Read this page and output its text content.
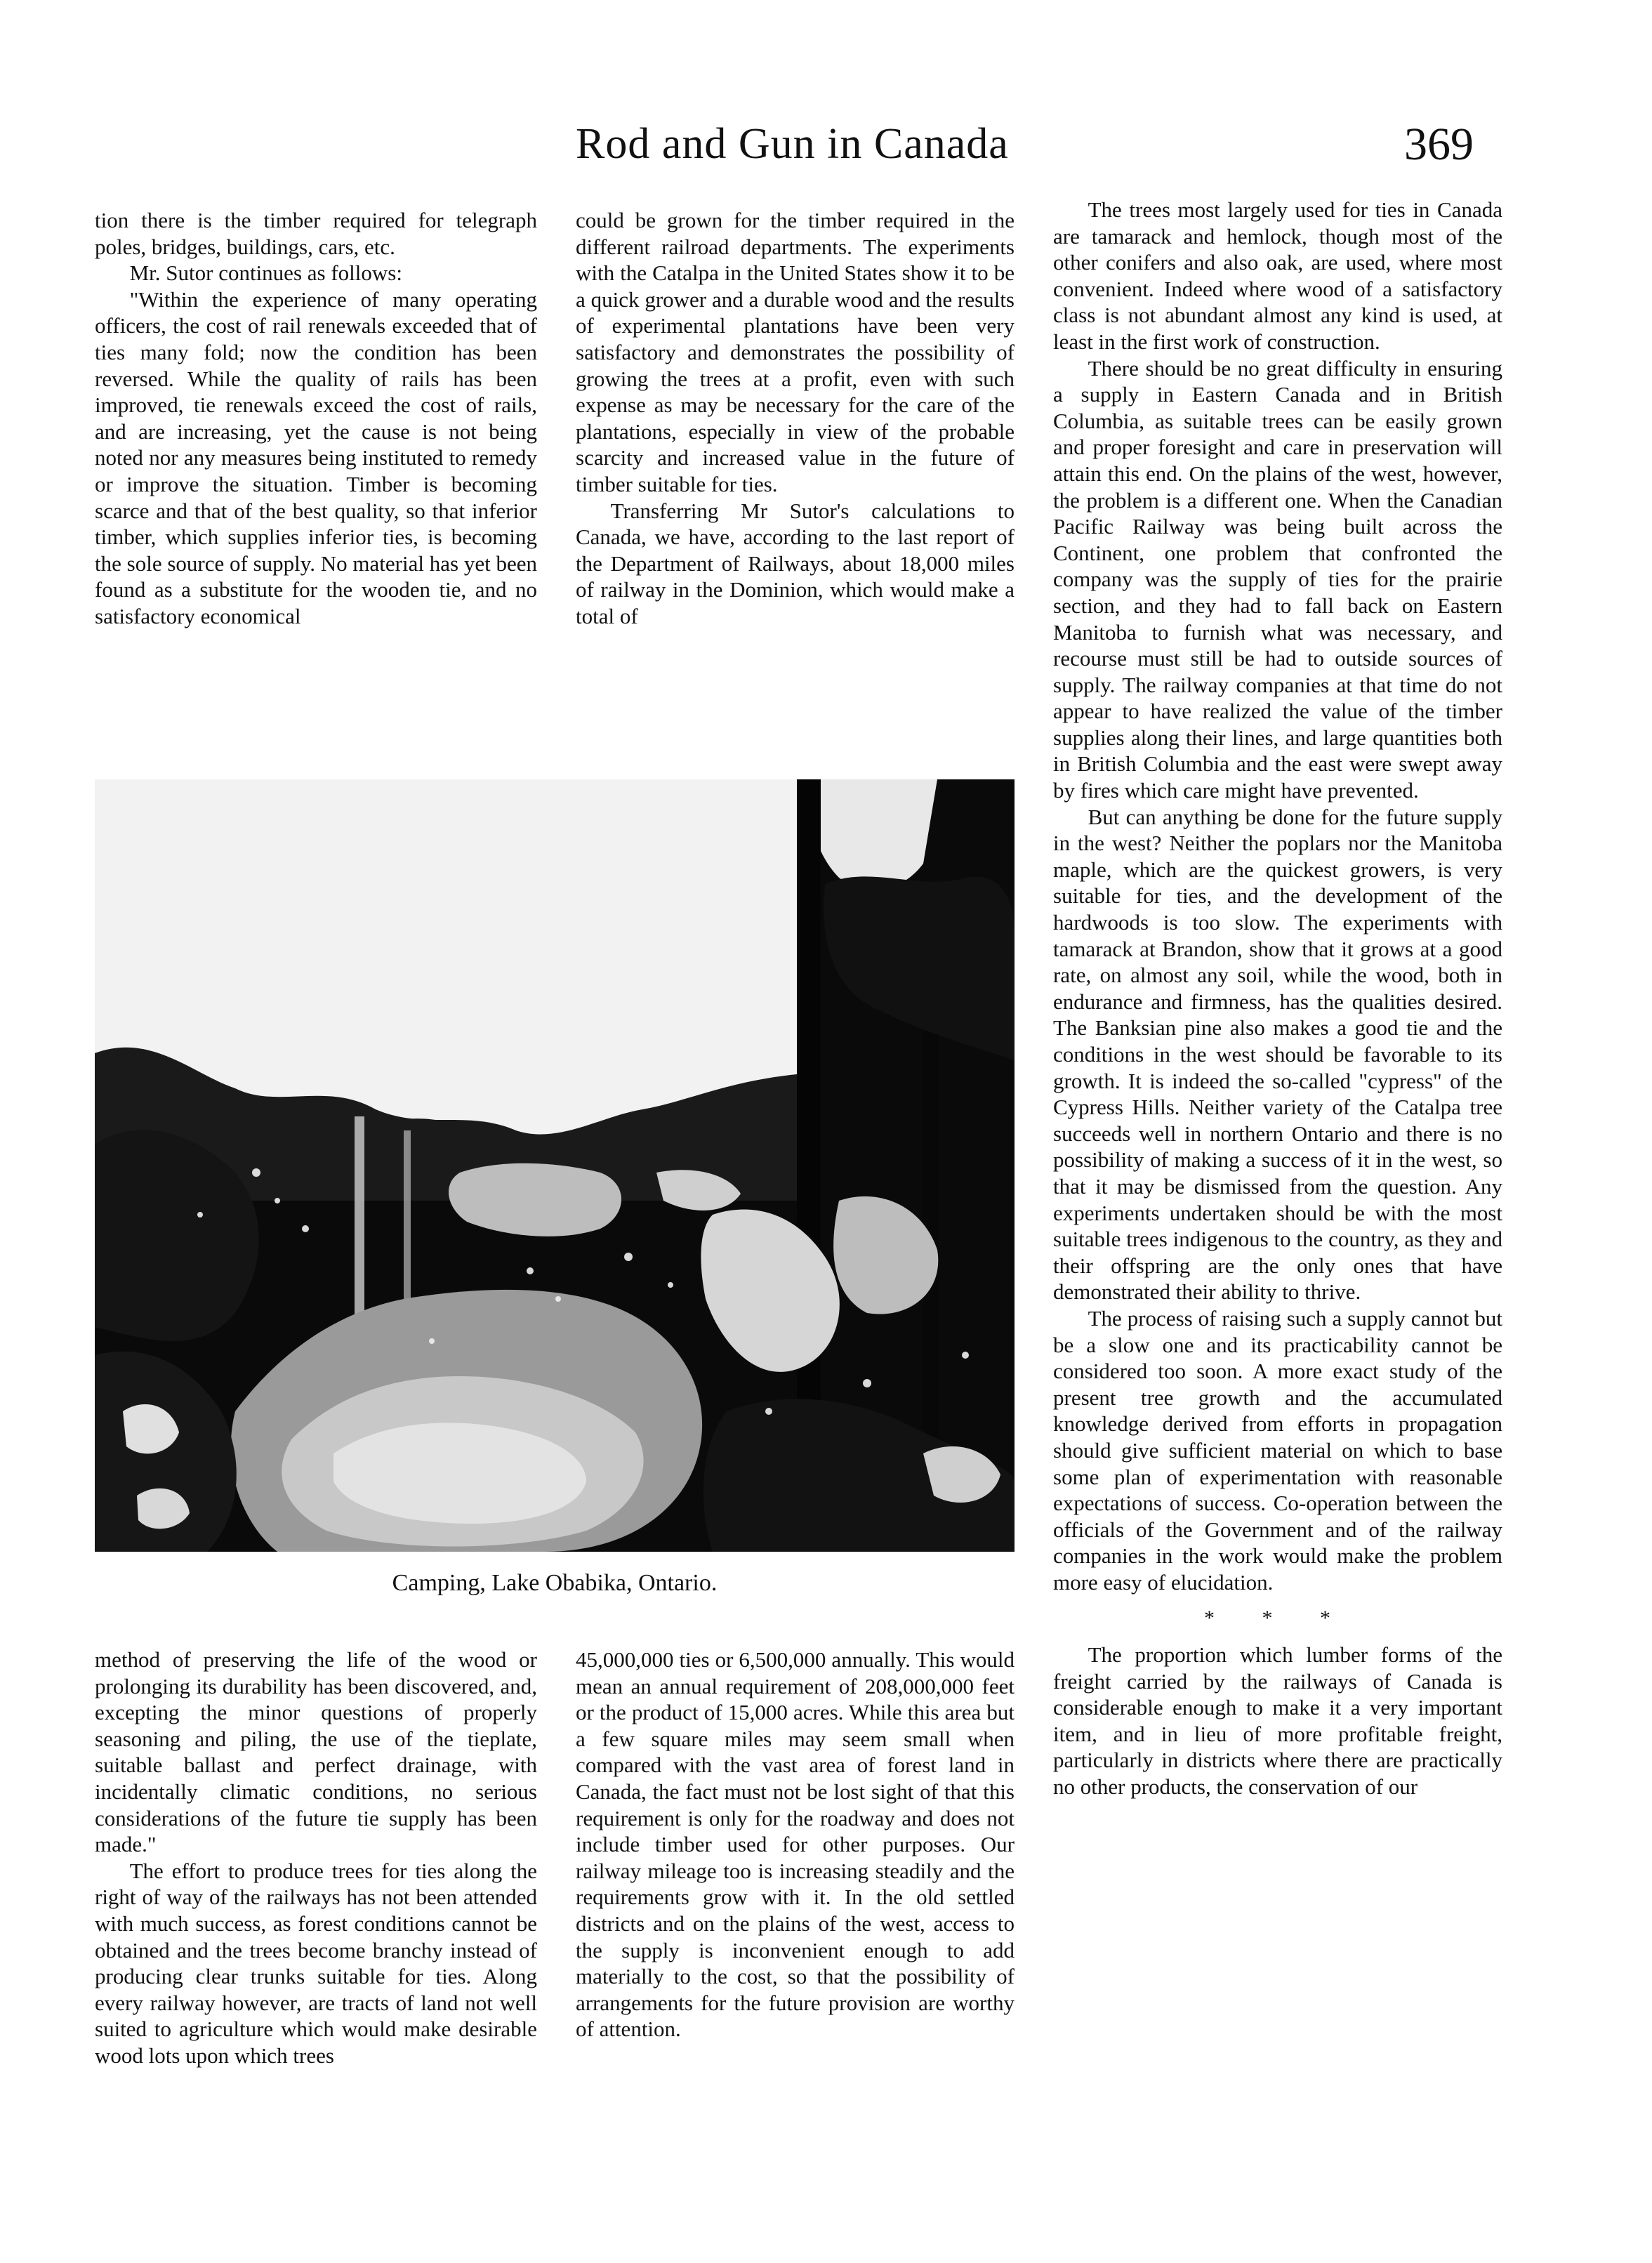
Rod and Gun in Canada	369

tion there is the timber required for telegraph poles, bridges, buildings, cars, etc.

Mr. Sutor continues as follows:

"Within the experience of many operating officers, the cost of rail renewals exceeded that of ties many fold; now the condition has been reversed. While the quality of rails has been improved, tie renewals exceed the cost of rails, and are increasing, yet the cause is not being noted nor any measures being instituted to remedy or improve the situation. Timber is becoming scarce and that of the best quality, so that inferior timber, which supplies inferior ties, is becoming the sole source of supply. No material has yet been found as a substitute for the wooden tie, and no satisfactory economical

could be grown for the timber required in the different railroad departments. The experiments with the Catalpa in the United States show it to be a quick grower and a durable wood and the results of experimental plantations have been very satisfactory and demonstrates the possibility of growing the trees at a profit, even with such expense as may be necessary for the care of the plantations, especially in view of the probable scarcity and increased value in the future of timber suitable for ties.

Transferring Mr Sutor's calculations to Canada, we have, according to the last report of the Department of Railways, about 18,000 miles of railway in the Dominion, which would make a total of

The trees most largely used for ties in Canada are tamarack and hemlock, though most of the other conifers and also oak, are used, where most convenient. Indeed where wood of a satisfactory class is not abundant almost any kind is used, at least in the first work of construction.

There should be no great difficulty in ensuring a supply in Eastern Canada and in British Columbia, as suitable trees can be easily grown and proper foresight and care in preservation will attain this end. On the plains of the west, however, the problem is a different one. When the Canadian Pacific Railway was being built across the Continent, one problem that confronted the company was the supply of ties for the prairie section, and they had to fall back on Eastern Manitoba to furnish what was necessary, and recourse must still be had to outside sources of supply. The railway companies at that time do not appear to have realized the value of the timber supplies along their lines, and large quantities both in British Columbia and the east were swept away by fires which care might have prevented.

But can anything be done for the future supply in the west? Neither the poplars nor the Manitoba maple, which are the quickest growers, is very suitable for ties, and the development of the hardwoods is too slow. The experiments with tamarack at Brandon, show that it grows at a good rate, on almost any soil, while the wood, both in endurance and firmness, has the qualities desired. The Banksian pine also makes a good tie and the conditions in the west should be favorable to its growth. It is indeed the so-called "cypress" of the Cypress Hills. Neither variety of the Catalpa tree succeeds well in northern Ontario and there is no possibility of making a success of it in the west, so that it may be dismissed from the question. Any experiments undertaken should be with the most suitable trees indigenous to the country, as they and their offspring are the only ones that have demonstrated their ability to thrive.

The process of raising such a supply cannot but be a slow one and its practicability cannot be considered too soon. A more exact study of the present tree growth and the accumulated knowledge derived from efforts in propagation should give sufficient material on which to base some plan of experimentation with reasonable expectations of success. Co-operation between the officials of the Government and of the railway companies in the work would make the problem more easy of elucidation.

* * *

The proportion which lumber forms of the freight carried by the railways of Canada is considerable enough to make it a very important item, and in lieu of more profitable freight, particularly in districts where there are practically no other products, the conservation of our

Camping, Lake Obabika, Ontario.

method of preserving the life of the wood or prolonging its durability has been discovered, and, excepting the minor questions of properly seasoning and piling, the use of the tieplate, suitable ballast and perfect drainage, with incidentally climatic conditions, no serious considerations of the future tie supply has been made."

The effort to produce trees for ties along the right of way of the railways has not been attended with much success, as forest conditions cannot be obtained and the trees become branchy instead of producing clear trunks suitable for ties. Along every railway however, are tracts of land not well suited to agriculture which would make desirable wood lots upon which trees

45,000,000 ties or 6,500,000 annually. This would mean an annual requirement of 208,000,000 feet or the product of 15,000 acres. While this area but a few square miles may seem small when compared with the vast area of forest land in Canada, the fact must not be lost sight of that this requirement is only for the roadway and does not include timber used for other purposes. Our railway mileage too is increasing steadily and the requirements grow with it. In the old settled districts and on the plains of the west, access to the supply is inconvenient enough to add materially to the cost, so that the possibility of arrangements for the future provision are worthy of attention.
